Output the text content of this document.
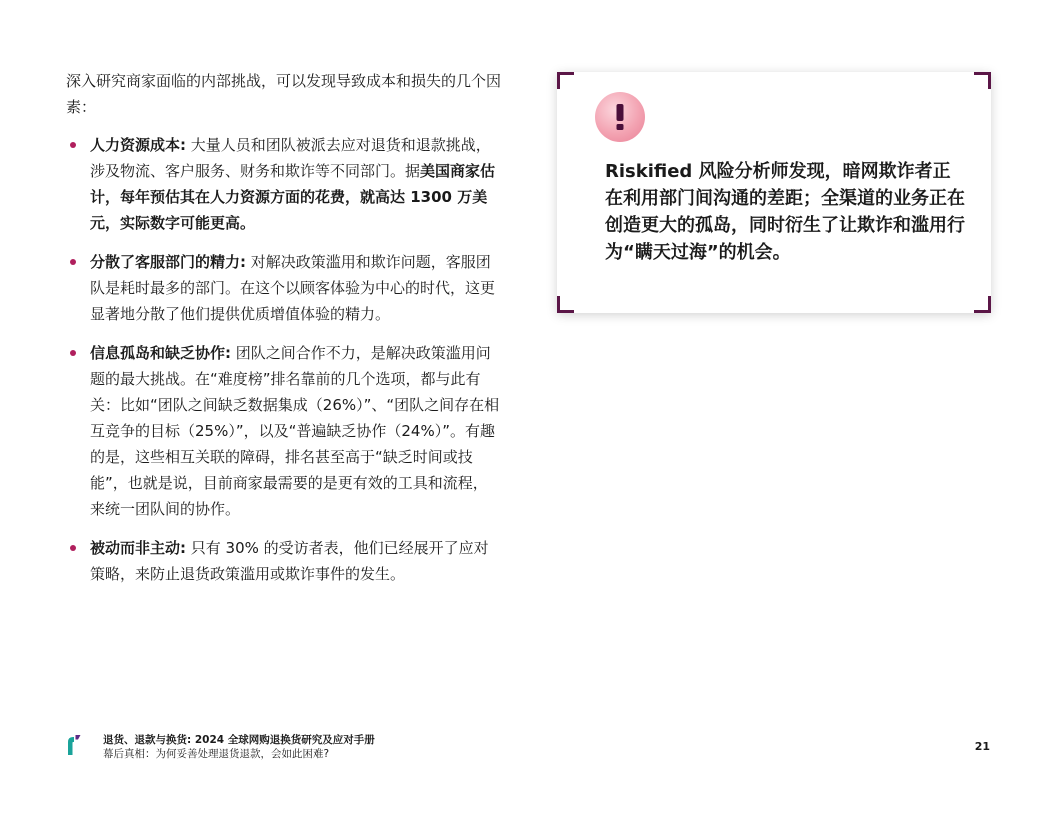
深入研究商家面临的内部挑战，可以发现导致成本和损失的几个因素：

人力资源成本: 大量人员和团队被派去应对退货和退款挑战，涉及物流、客户服务、财务和欺诈等不同部门。据美国商家估计，每年预估其在人力资源方面的花费，就高达 1300 万美元，实际数字可能更高。
分散了客服部门的精力: 对解决政策滥用和欺诈问题，客服团队是耗时最多的部门。在这个以顾客体验为中心的时代，这更显著地分散了他们提供优质增值体验的精力。
信息孤岛和缺乏协作: 团队之间合作不力，是解决政策滥用问题的最大挑战。在“难度榜”排名靠前的几个选项，都与此有关：比如“团队之间缺乏数据集成（26%）”、“团队之间存在相互竞争的目标（25%）”，以及“普遍缺乏协作（24%）”。有趣的是，这些相互关联的障碍，排名甚至高于“缺乏时间或技能”，也就是说，目前商家最需要的是更有效的工具和流程，来统一团队间的协作。
被动而非主动: 只有 30% 的受访者表，他们已经展开了应对策略，来防止退货政策滥用或欺诈事件的发生。
Riskified 风险分析师发现，暗网欺诈者正在利用部门间沟通的差距；全渠道的业务正在创造更大的孤岛，同时衍生了让欺诈和滥用行为“瞒天过海”的机会。
退货、退款与换货: 2024 全球网购退换货研究及应对手册
幕后真相：为何妥善处理退货退款，会如此困难?
21
